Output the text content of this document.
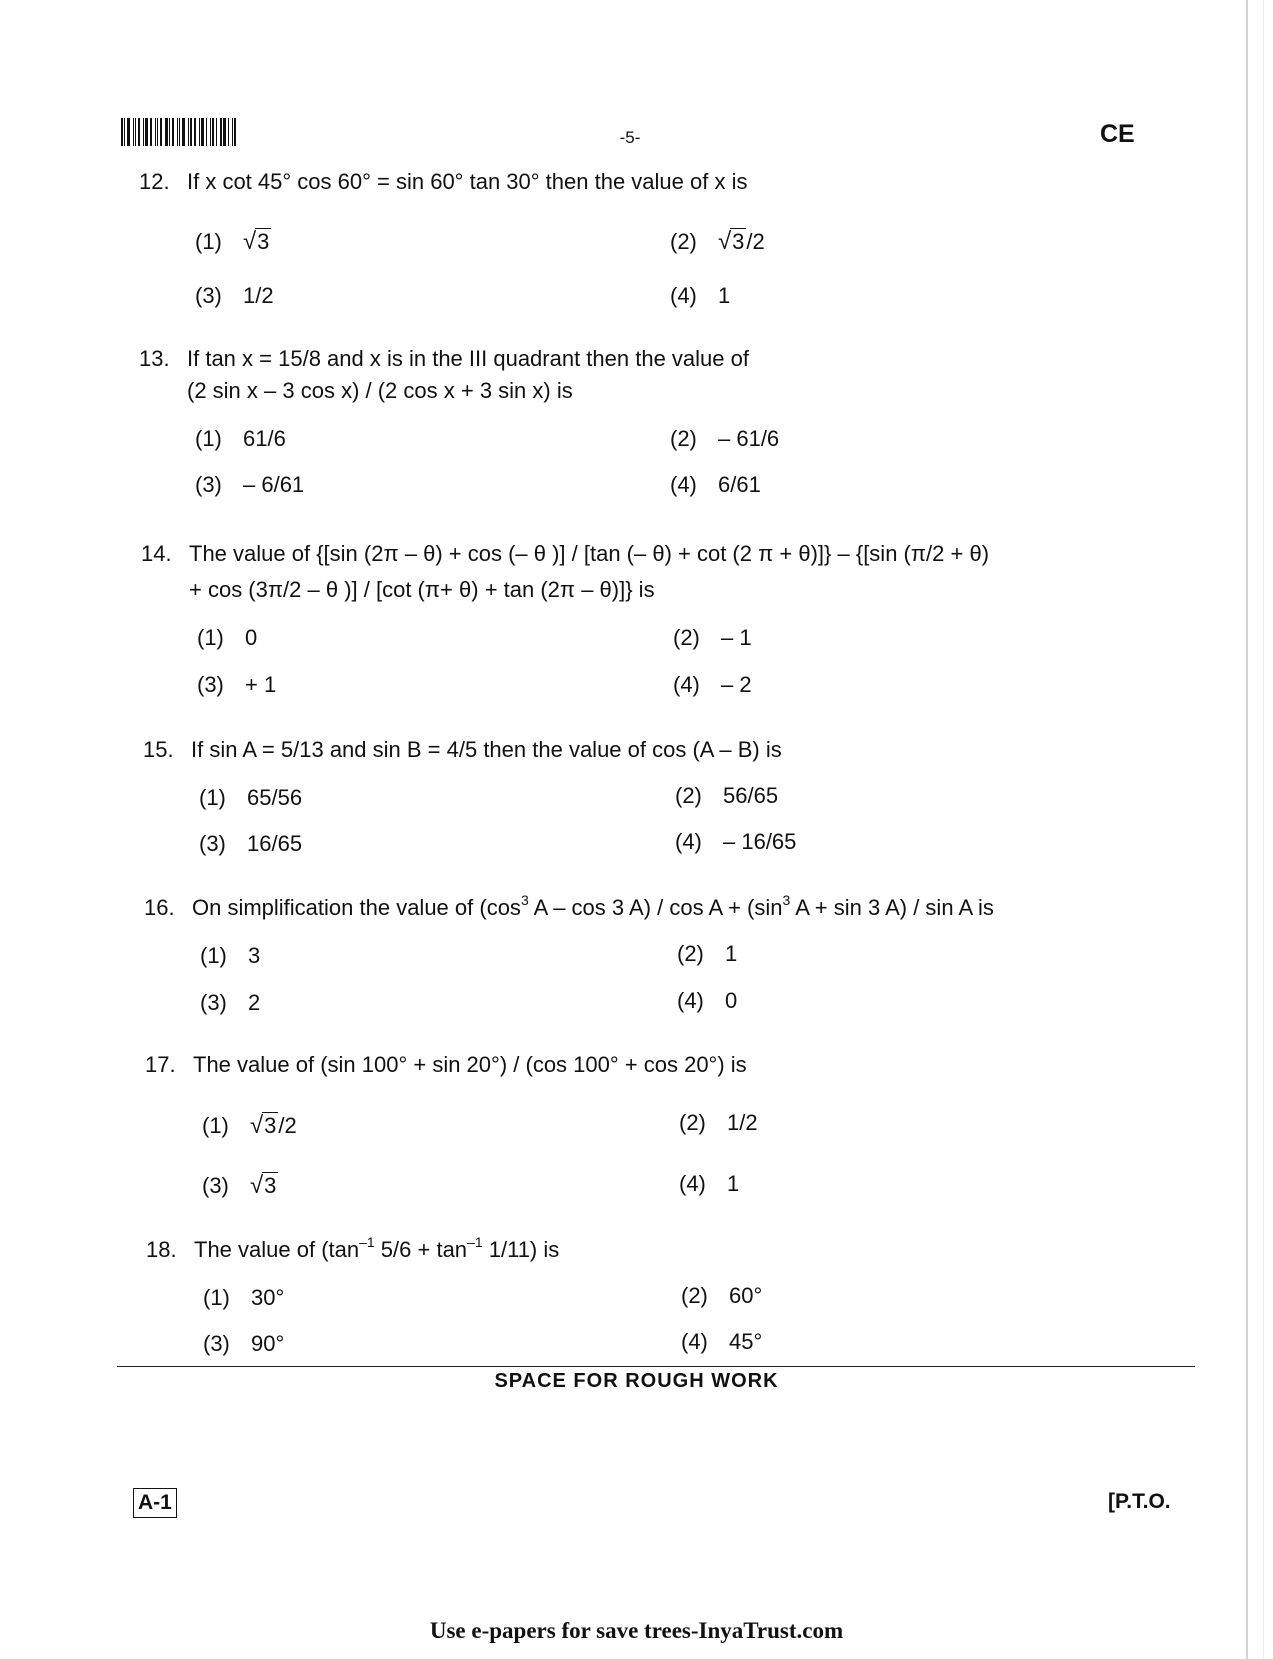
-5-	CE
12. If x cot 45° cos 60° = sin 60° tan 30° then the value of x is
(1) √3	(2) √3/2
(3) 1/2	(4) 1
13. If tan x = 15/8 and x is in the III quadrant then the value of
(2 sin x – 3 cos x) / (2 cos x + 3 sin x) is
(1) 61/6	(2) – 61/6
(3) – 6/61	(4) 6/61
14. The value of {[sin (2π – θ) + cos (– θ )] / [tan (– θ) + cot (2 π + θ)]} – {[sin (π/2 + θ)
+ cos (3π/2 – θ )] / [cot (π+ θ) + tan (2π – θ)]} is
(1) 0	(2) – 1
(3) + 1	(4) – 2
15. If sin A = 5/13 and sin B = 4/5 then the value of cos (A – B) is
(1) 65/56	(2) 56/65
(3) 16/65	(4) – 16/65
16. On simplification the value of ($\cos^3$ A – cos 3 $A) / \cos A + (\sin^3$ A + sin 3 A) / sin A is
(1) 3	(2) 1
(3) 2	(4) 0
17. The value of (sin 100° + sin 20°) / (cos 100° + cos 20°) is
(1) √3/2	(2) 1/2
(3) √3	(4) 1
18. The value of ($\tan^{-1}$ $5/6 + \tan^{-1} 1/11$) is
(1) 30°	(2) 60°
(3) 90°	(4) 45°
SPACE FOR ROUGH WORK
A-1	[P.T.O.
Use e-papers for save trees-InyaTrust.com
